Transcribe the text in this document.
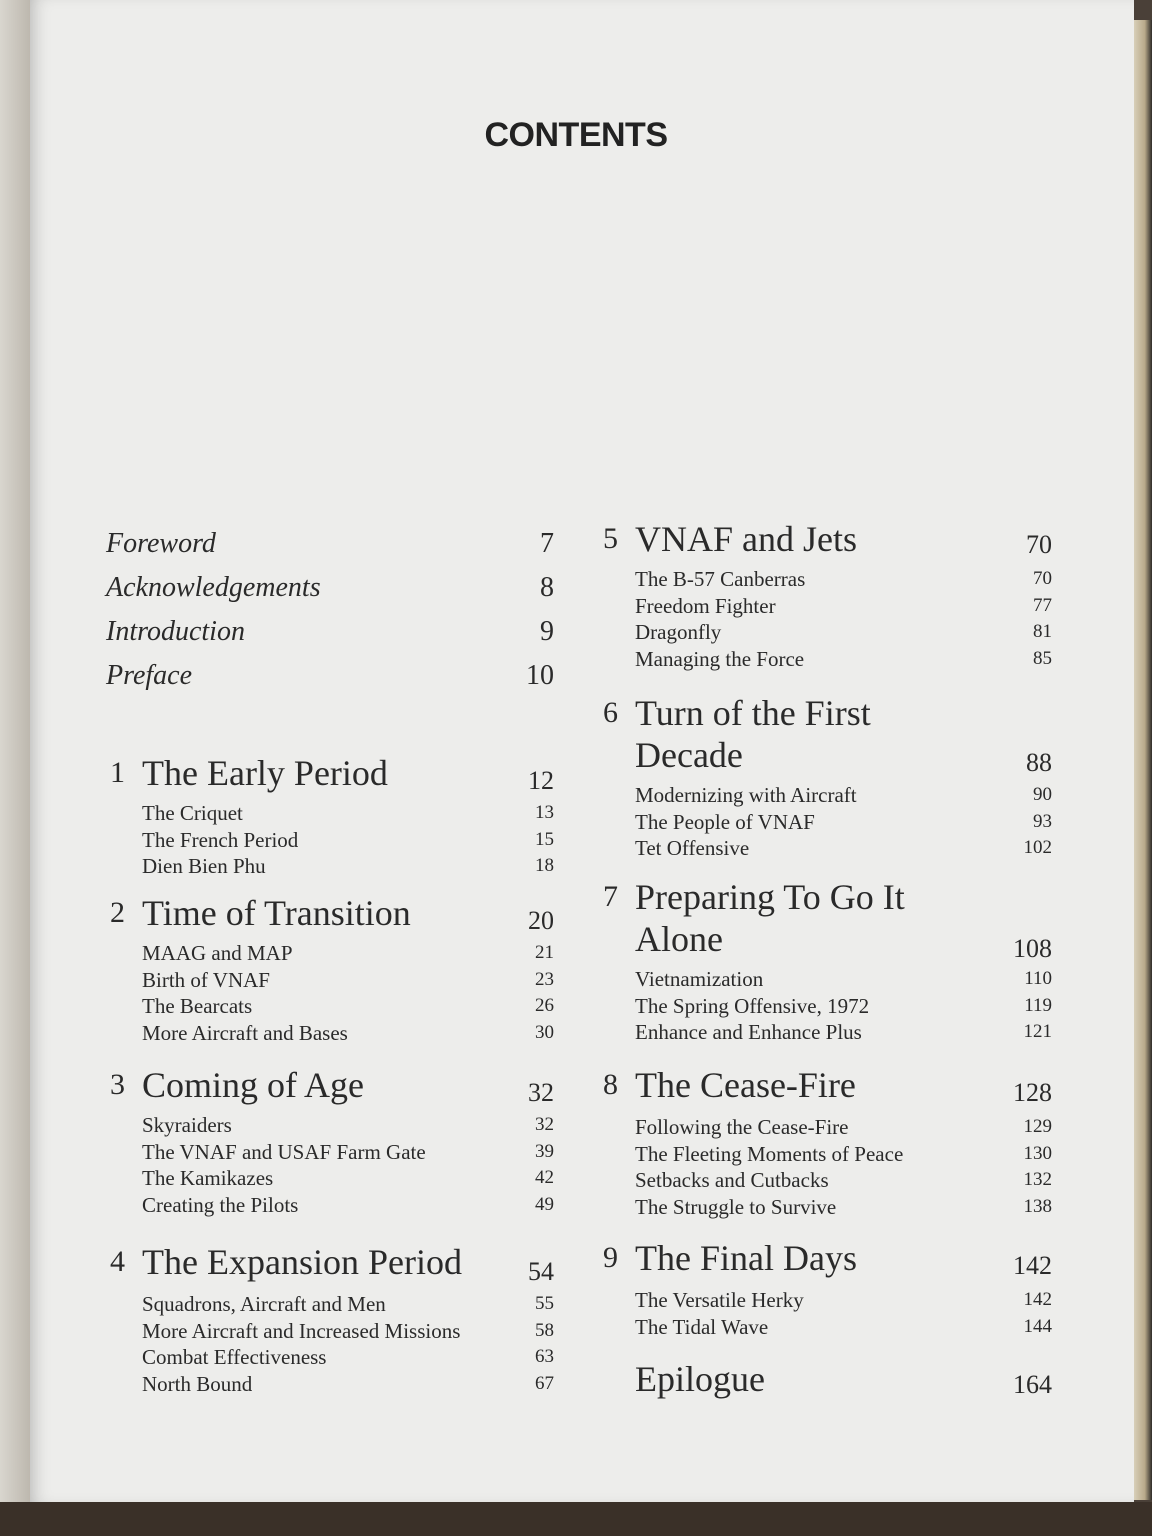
CONTENTS
Foreword	7
Acknowledgements	8
Introduction	9
Preface	10
1 The Early Period	12
The Criquet	13
The French Period	15
Dien Bien Phu	18
2 Time of Transition	20
MAAG and MAP	21
Birth of VNAF	23
The Bearcats	26
More Aircraft and Bases	30
3 Coming of Age	32
Skyraiders	32
The VNAF and USAF Farm Gate	39
The Kamikazes	42
Creating the Pilots	49
4 The Expansion Period	54
Squadrons, Aircraft and Men	55
More Aircraft and Increased Missions	58
Combat Effectiveness	63
North Bound	67
5 VNAF and Jets	70
The B-57 Canberras	70
Freedom Fighter	77
Dragonfly	81
Managing the Force	85
6 Turn of the First
Decade	88
Modernizing with Aircraft	90
The People of VNAF	93
Tet Offensive	102
7 Preparing To Go It
Alone	108
Vietnamization	110
The Spring Offensive, 1972	119
Enhance and Enhance Plus	121
8 The Cease-Fire	128
Following the Cease-Fire	129
The Fleeting Moments of Peace	130
Setbacks and Cutbacks	132
The Struggle to Survive	138
9 The Final Days	142
The Versatile Herky	142
The Tidal Wave	144
Epilogue	164
